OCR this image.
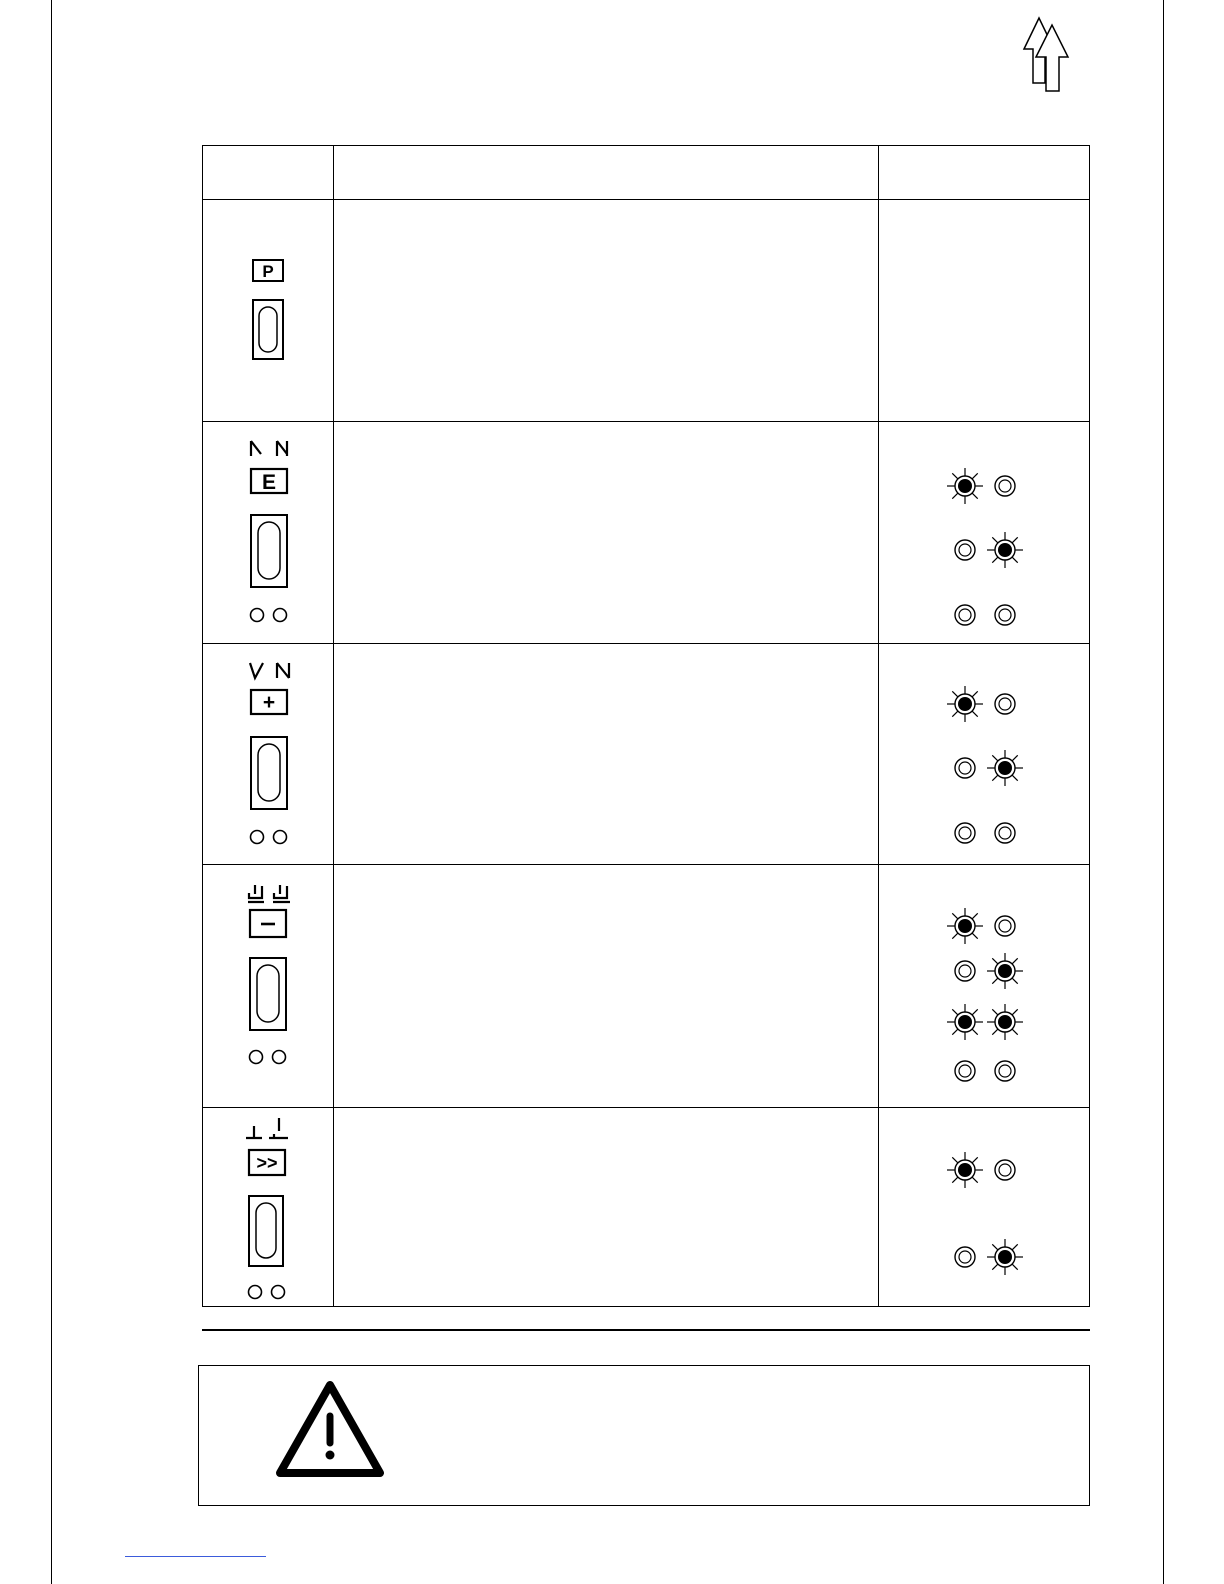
P
E
+
>>
